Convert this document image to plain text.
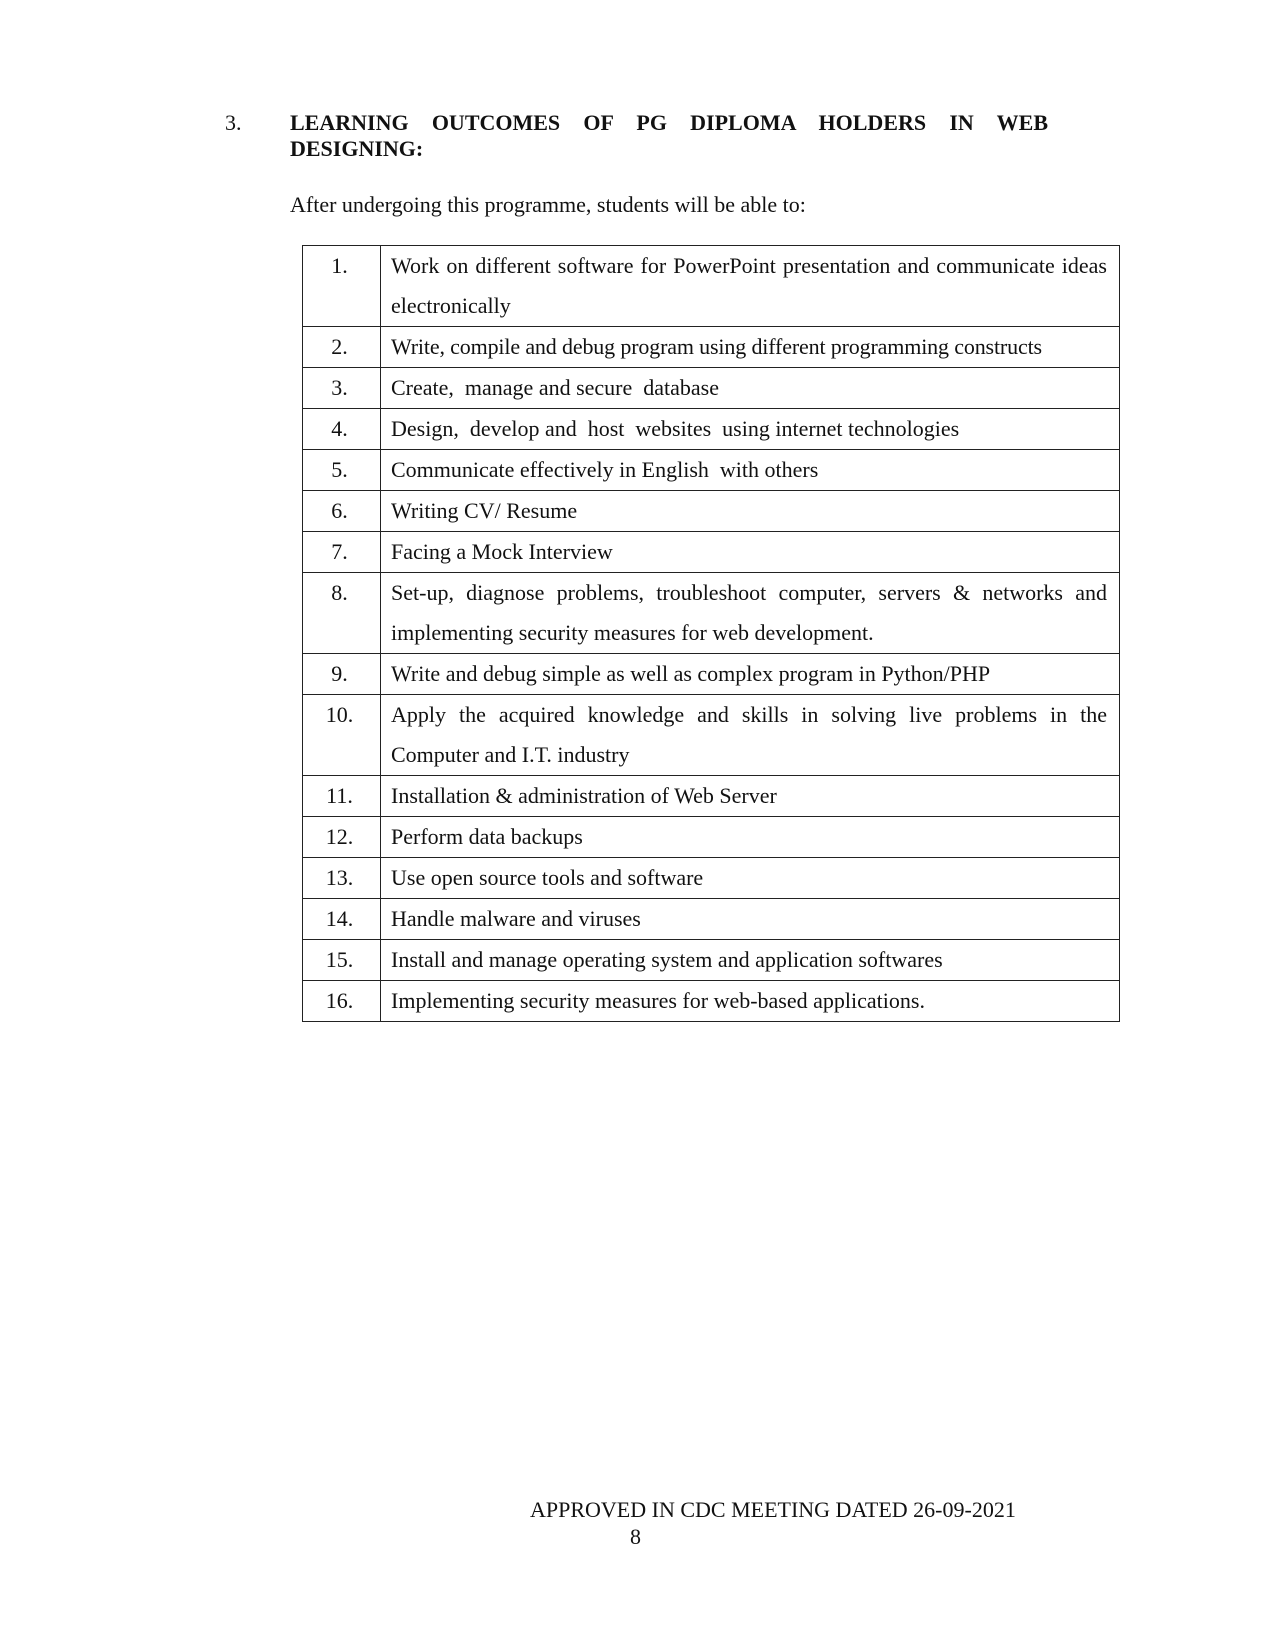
3. LEARNING OUTCOMES OF PG DIPLOMA HOLDERS IN WEB
DESIGNING:
After undergoing this programme, students will be able to:
1.	Work on different software for PowerPoint presentation and communicate ideas electronically
2.	Write, compile and debug program using different programming constructs
3.	Create,  manage and secure  database
4.	Design,  develop and  host  websites  using internet technologies
5.	Communicate effectively in English  with others
6.	Writing CV/ Resume
7.	Facing a Mock Interview
8.	Set-up, diagnose problems, troubleshoot computer, servers & networks and implementing security measures for web development.
9.	Write and debug simple as well as complex program in Python/PHP
10.	Apply the acquired knowledge and skills in solving live problems in the Computer and I.T. industry
11.	Installation & administration of Web Server
12.	Perform data backups
13.	Use open source tools and software
14.	Handle malware and viruses
15.	Install and manage operating system and application softwares
16.	Implementing security measures for web-based applications.
APPROVED IN CDC MEETING DATED 26-09-2021
8
